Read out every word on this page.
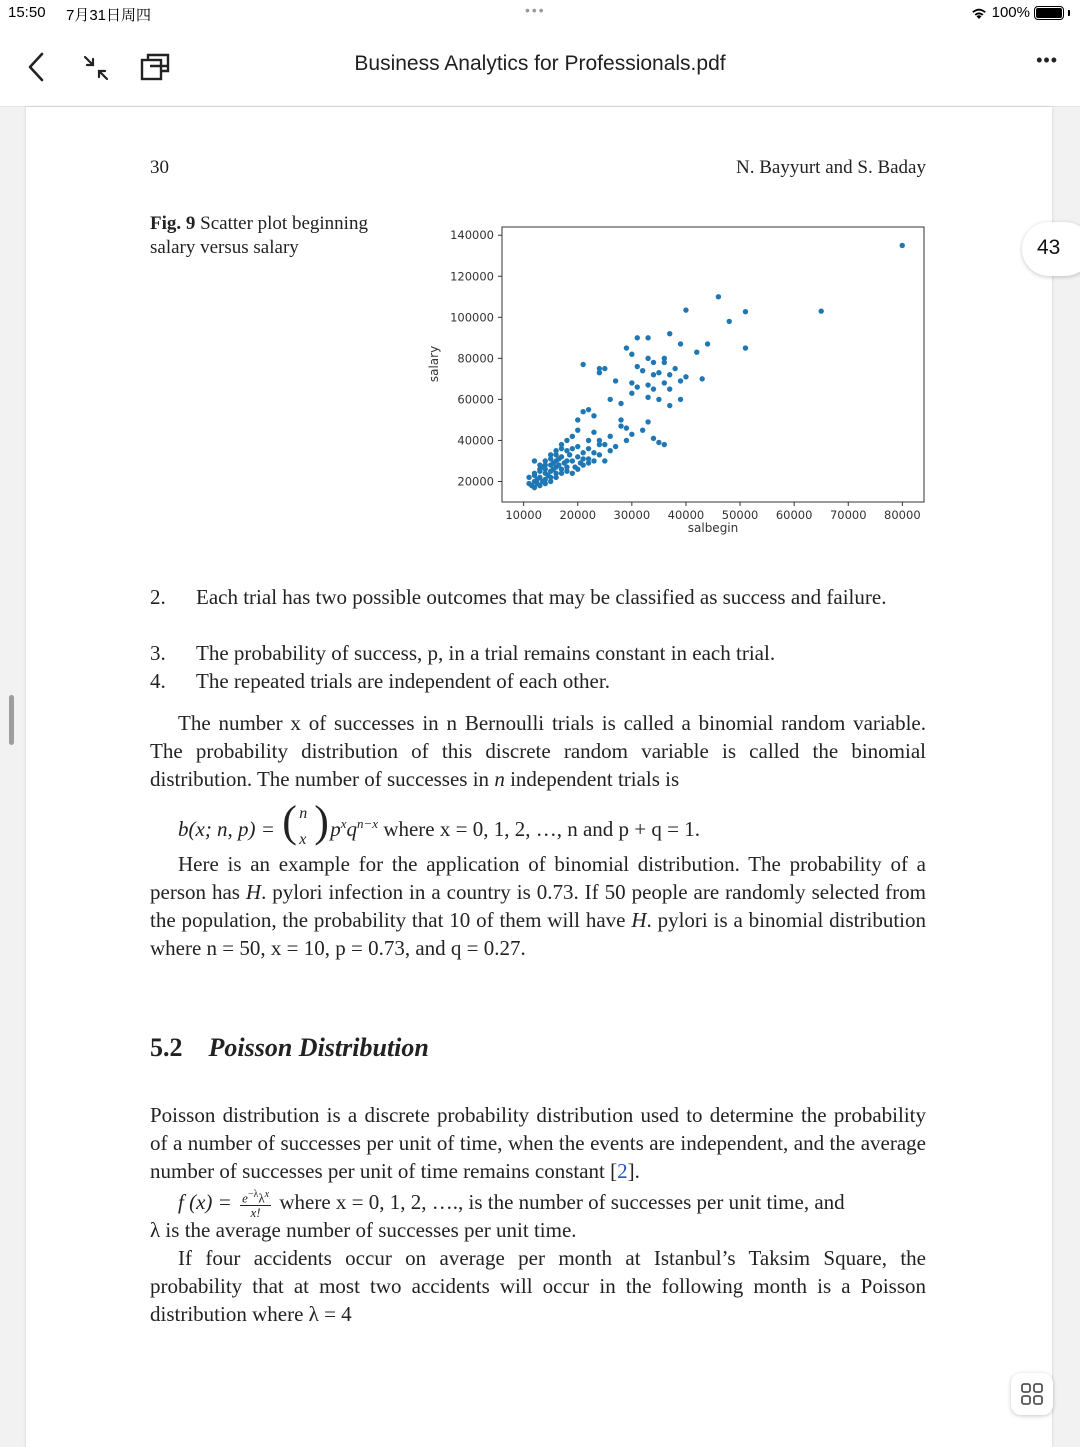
15:50 7月31日周四	•••	100%
Business Analytics for Professionals.pdf	•••
30	N. Bayyurt and S. Baday
Fig. 9 Scatter plot beginning salary versus salary
10000 20000 30000 40000 50000 60000 70000 80000
20000
40000
60000
80000
100000
120000
140000
salbegin
salary
2. Each trial has two possible outcomes that may be classified as success and failure.
3. The probability of success, p, in a trial remains constant in each trial.
4. The repeated trials are independent of each other.
The number x of successes in n Bernoulli trials is called a binomial random variable. The probability distribution of this discrete random variable is called the binomial distribution. The number of successes in n independent trials is
b(x; n, p) = ( n
x ) $p^xq^{n-x}$ where x = 0, 1, 2, …, n and p + q = 1.
Here is an example for the application of binomial distribution. The probability of a person has H. pylori infection in a country is 0.73. If 50 people are randomly selected from the population, the probability that 10 of them will have H. pylori is a binomial distribution where n = 50, x = 10, p = 0.73, and q = 0.27.
5.2 Poisson Distribution
Poisson distribution is a discrete probability distribution used to determine the probability of a number of successes per unit of time, when the events are independent, and the average number of successes per unit of time remains constant [2].
f $(x) = e^{-\lambda}\lambda^x$
x! where x = 0, 1, 2, …., is the number of successes per unit time, and
λ is the average number of successes per unit time.
If four accidents occur on average per month at Istanbul’s Taksim Square, the probability that at most two accidents will occur in the following month is a Poisson distribution where λ = 4
43
